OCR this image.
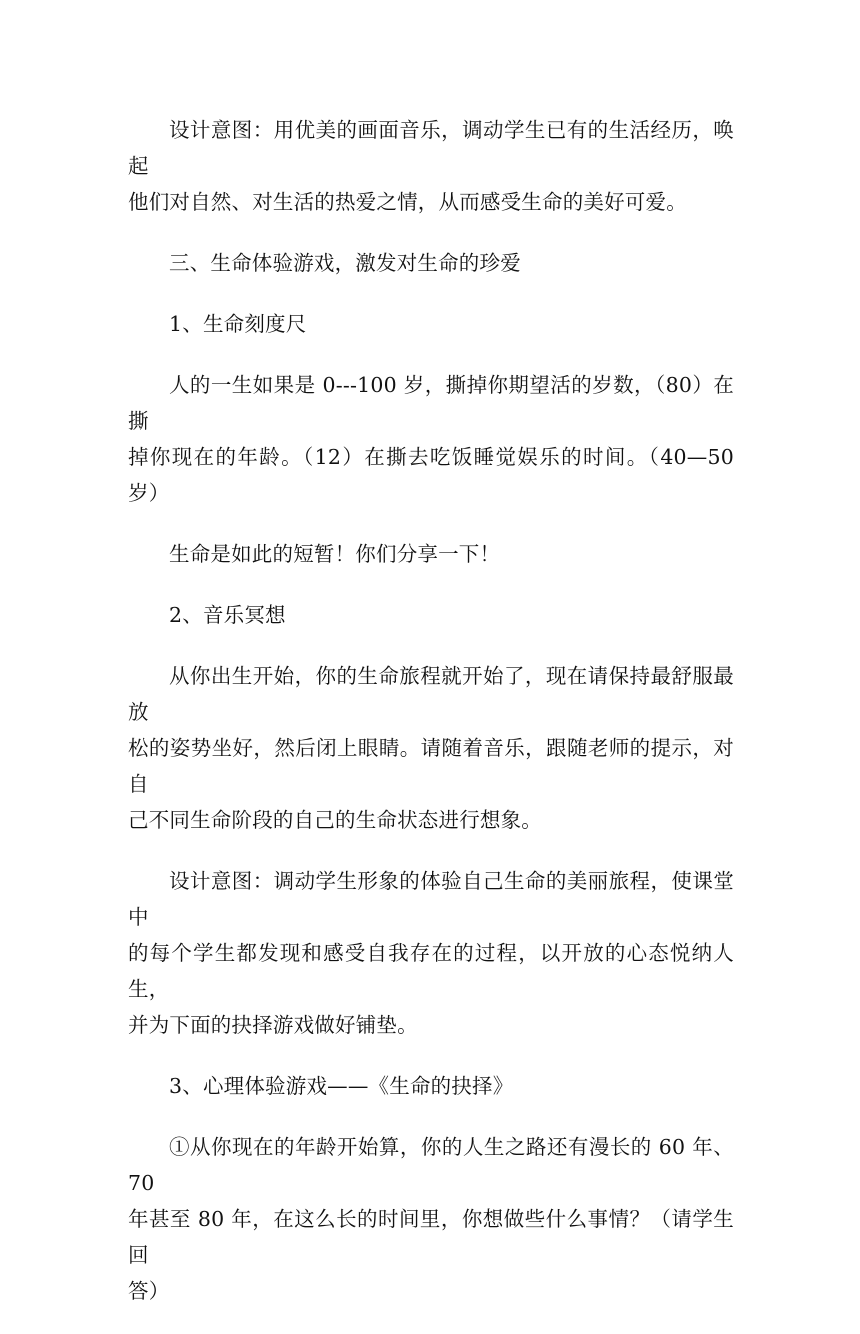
设计意图：用优美的画面音乐，调动学生已有的生活经历，唤起
他们对自然、对生活的热爱之情，从而感受生命的美好可爱。

三、生命体验游戏，激发对生命的珍爱

1、生命刻度尺

人的一生如果是 0---100 岁，撕掉你期望活的岁数，（80）在撕
掉你现在的年龄。（12）在撕去吃饭睡觉娱乐的时间。（40—50 岁）

生命是如此的短暂！你们分享一下！

2、音乐冥想

从你出生开始，你的生命旅程就开始了，现在请保持最舒服最放
松的姿势坐好，然后闭上眼睛。请随着音乐，跟随老师的提示，对自
己不同生命阶段的自己的生命状态进行想象。

设计意图：调动学生形象的体验自己生命的美丽旅程，使课堂中
的每个学生都发现和感受自我存在的过程，以开放的心态悦纳人生，
并为下面的抉择游戏做好铺垫。

3、心理体验游戏——《生命的抉择》

①从你现在的年龄开始算，你的人生之路还有漫长的 60 年、70
年甚至 80 年，在这么长的时间里，你想做些什么事情？（请学生回
答）
